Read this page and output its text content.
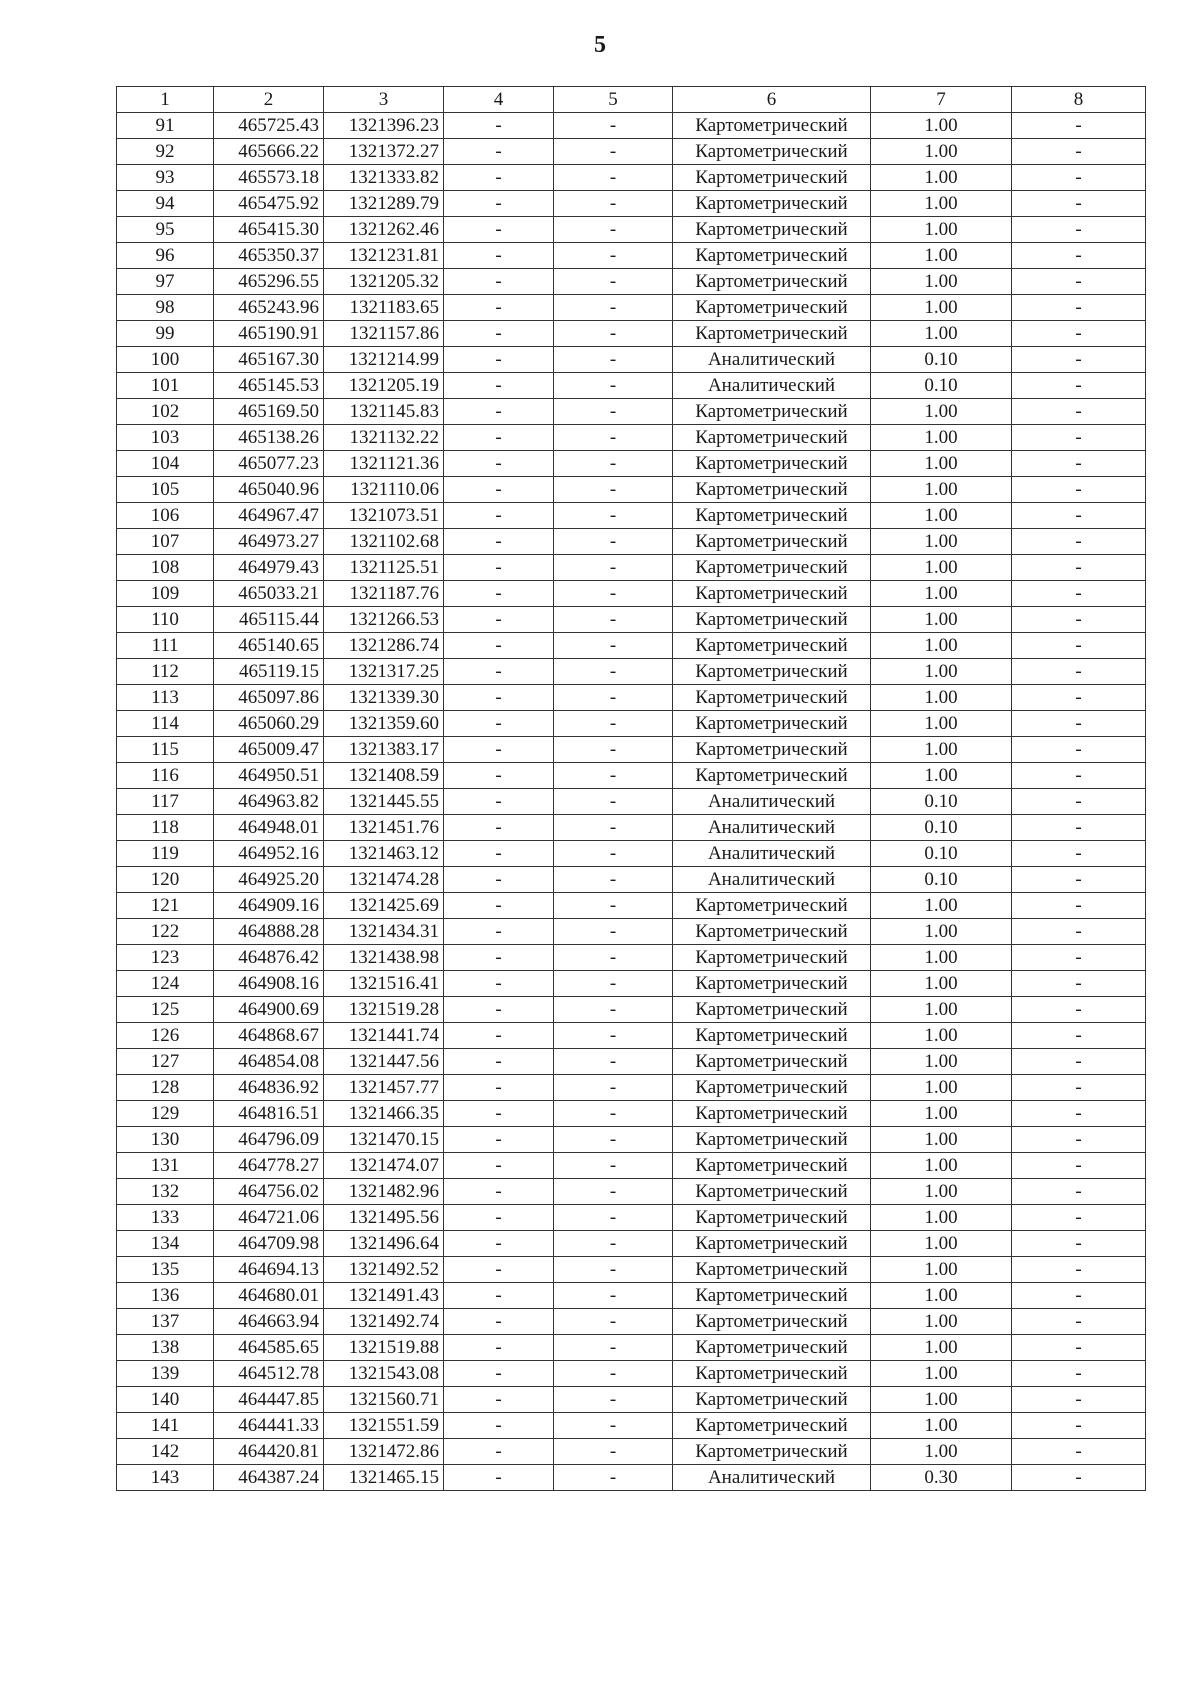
5
1	2	3	4	5	6	7	8
91	465725.43	1321396.23	-	-	Картометрический	1.00	-
92	465666.22	1321372.27	-	-	Картометрический	1.00	-
93	465573.18	1321333.82	-	-	Картометрический	1.00	-
94	465475.92	1321289.79	-	-	Картометрический	1.00	-
95	465415.30	1321262.46	-	-	Картометрический	1.00	-
96	465350.37	1321231.81	-	-	Картометрический	1.00	-
97	465296.55	1321205.32	-	-	Картометрический	1.00	-
98	465243.96	1321183.65	-	-	Картометрический	1.00	-
99	465190.91	1321157.86	-	-	Картометрический	1.00	-
100	465167.30	1321214.99	-	-	Аналитический	0.10	-
101	465145.53	1321205.19	-	-	Аналитический	0.10	-
102	465169.50	1321145.83	-	-	Картометрический	1.00	-
103	465138.26	1321132.22	-	-	Картометрический	1.00	-
104	465077.23	1321121.36	-	-	Картометрический	1.00	-
105	465040.96	1321110.06	-	-	Картометрический	1.00	-
106	464967.47	1321073.51	-	-	Картометрический	1.00	-
107	464973.27	1321102.68	-	-	Картометрический	1.00	-
108	464979.43	1321125.51	-	-	Картометрический	1.00	-
109	465033.21	1321187.76	-	-	Картометрический	1.00	-
110	465115.44	1321266.53	-	-	Картометрический	1.00	-
111	465140.65	1321286.74	-	-	Картометрический	1.00	-
112	465119.15	1321317.25	-	-	Картометрический	1.00	-
113	465097.86	1321339.30	-	-	Картометрический	1.00	-
114	465060.29	1321359.60	-	-	Картометрический	1.00	-
115	465009.47	1321383.17	-	-	Картометрический	1.00	-
116	464950.51	1321408.59	-	-	Картометрический	1.00	-
117	464963.82	1321445.55	-	-	Аналитический	0.10	-
118	464948.01	1321451.76	-	-	Аналитический	0.10	-
119	464952.16	1321463.12	-	-	Аналитический	0.10	-
120	464925.20	1321474.28	-	-	Аналитический	0.10	-
121	464909.16	1321425.69	-	-	Картометрический	1.00	-
122	464888.28	1321434.31	-	-	Картометрический	1.00	-
123	464876.42	1321438.98	-	-	Картометрический	1.00	-
124	464908.16	1321516.41	-	-	Картометрический	1.00	-
125	464900.69	1321519.28	-	-	Картометрический	1.00	-
126	464868.67	1321441.74	-	-	Картометрический	1.00	-
127	464854.08	1321447.56	-	-	Картометрический	1.00	-
128	464836.92	1321457.77	-	-	Картометрический	1.00	-
129	464816.51	1321466.35	-	-	Картометрический	1.00	-
130	464796.09	1321470.15	-	-	Картометрический	1.00	-
131	464778.27	1321474.07	-	-	Картометрический	1.00	-
132	464756.02	1321482.96	-	-	Картометрический	1.00	-
133	464721.06	1321495.56	-	-	Картометрический	1.00	-
134	464709.98	1321496.64	-	-	Картометрический	1.00	-
135	464694.13	1321492.52	-	-	Картометрический	1.00	-
136	464680.01	1321491.43	-	-	Картометрический	1.00	-
137	464663.94	1321492.74	-	-	Картометрический	1.00	-
138	464585.65	1321519.88	-	-	Картометрический	1.00	-
139	464512.78	1321543.08	-	-	Картометрический	1.00	-
140	464447.85	1321560.71	-	-	Картометрический	1.00	-
141	464441.33	1321551.59	-	-	Картометрический	1.00	-
142	464420.81	1321472.86	-	-	Картометрический	1.00	-
143	464387.24	1321465.15	-	-	Аналитический	0.30	-
